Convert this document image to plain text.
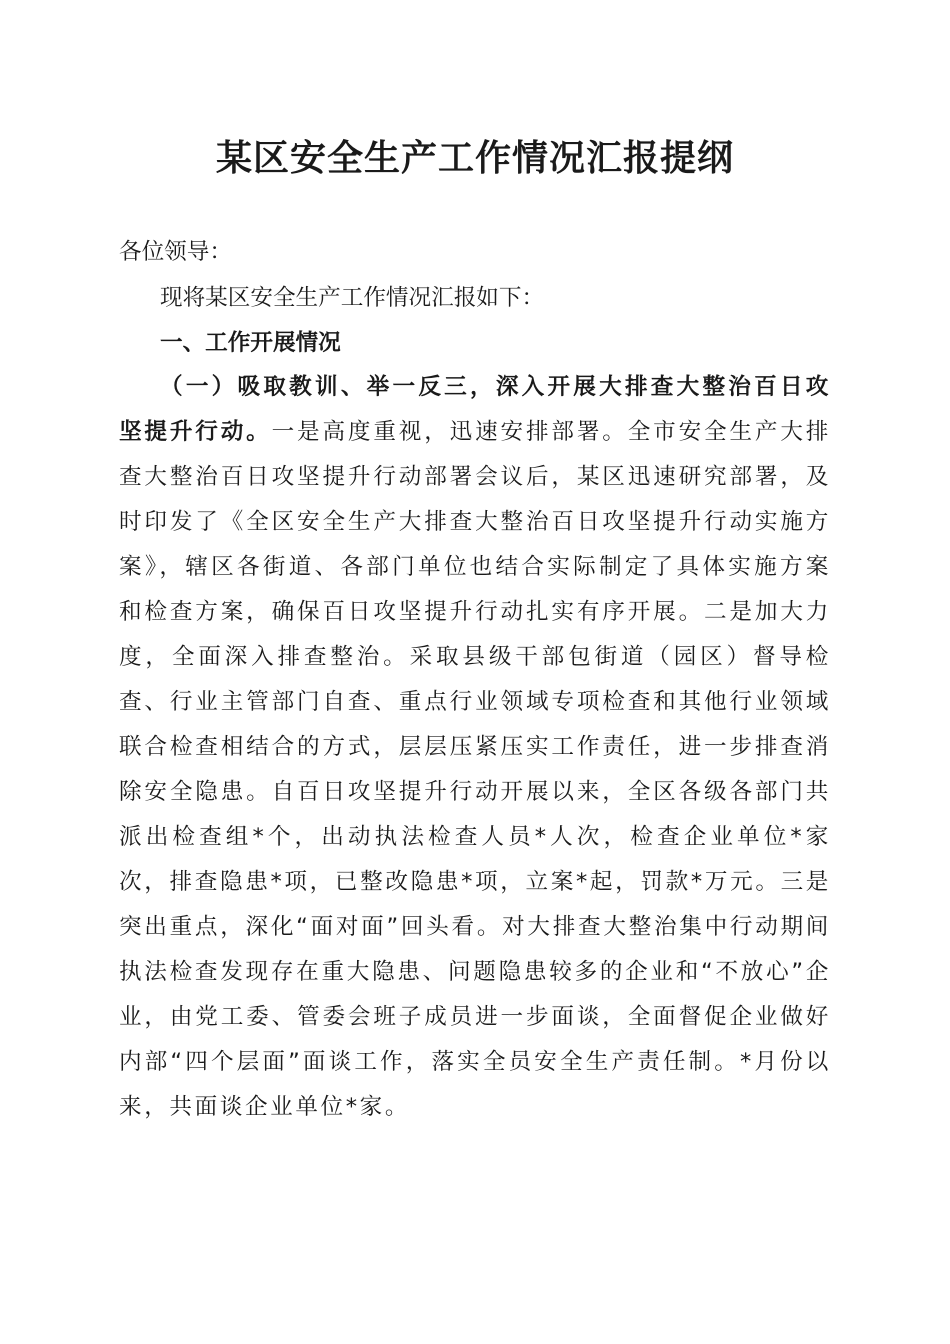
某区安全生产工作情况汇报提纲

各位领导：

现将某区安全生产工作情况汇报如下：

一、工作开展情况

（一）吸取教训、举一反三，深入开展大排查大整治百日攻坚提升行动。一是高度重视，迅速安排部署。全市安全生产大排查大整治百日攻坚提升行动部署会议后，某区迅速研究部署，及时印发了《全区安全生产大排查大整治百日攻坚提升行动实施方案》，辖区各街道、各部门单位也结合实际制定了具体实施方案和检查方案，确保百日攻坚提升行动扎实有序开展。二是加大力度，全面深入排查整治。采取县级干部包街道（园区）督导检查、行业主管部门自查、重点行业领域专项检查和其他行业领域联合检查相结合的方式，层层压紧压实工作责任，进一步排查消除安全隐患。自百日攻坚提升行动开展以来，全区各级各部门共派出检查组*个，出动执法检查人员*人次，检查企业单位*家次，排查隐患*项，已整改隐患*项，立案*起，罚款*万元。三是突出重点，深化“面对面”回头看。对大排查大整治集中行动期间执法检查发现存在重大隐患、问题隐患较多的企业和“不放心”企业，由党工委、管委会班子成员进一步面谈，全面督促企业做好内部“四个层面”面谈工作，落实全员安全生产责任制。*月份以来，共面谈企业单位*家。
